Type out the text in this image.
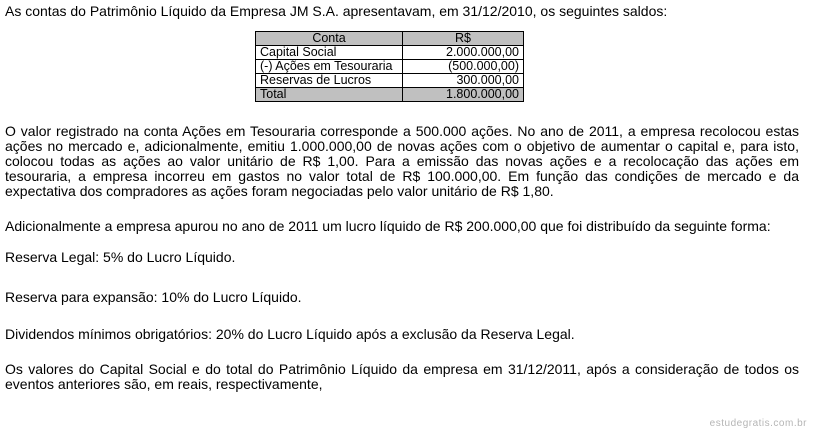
As contas do Patrimônio Líquido da Empresa JM S.A. apresentavam, em 31/12/2010, os seguintes saldos:
Conta	R$
Capital Social	2.000.000,00
(-) Ações em Tesouraria	(500.000,00)
Reservas de Lucros	300.000,00
Total	1.800.000,00

O valor registrado na conta Ações em Tesouraria corresponde a 500.000 ações. No ano de 2011, a empresa recolocou estas ações no mercado e, adicionalmente, emitiu 1.000.000,00 de novas ações com o objetivo de aumentar o capital e, para isto, colocou todas as ações ao valor unitário de R$ 1,00. Para a emissão das novas ações e a recolocação das ações em tesouraria, a empresa incorreu em gastos no valor total de R$ 100.000,00. Em função das condições de mercado e da expectativa dos compradores as ações foram negociadas pelo valor unitário de R$ 1,80.

Adicionalmente a empresa apurou no ano de 2011 um lucro líquido de R$ 200.000,00 que foi distribuído da seguinte forma:

Reserva Legal: 5% do Lucro Líquido.

Reserva para expansão: 10% do Lucro Líquido.

Dividendos mínimos obrigatórios: 20% do Lucro Líquido após a exclusão da Reserva Legal.

Os valores do Capital Social e do total do Patrimônio Líquido da empresa em 31/12/2011, após a consideração de todos os eventos anteriores são, em reais, respectivamente,

estudegratis.com.br
